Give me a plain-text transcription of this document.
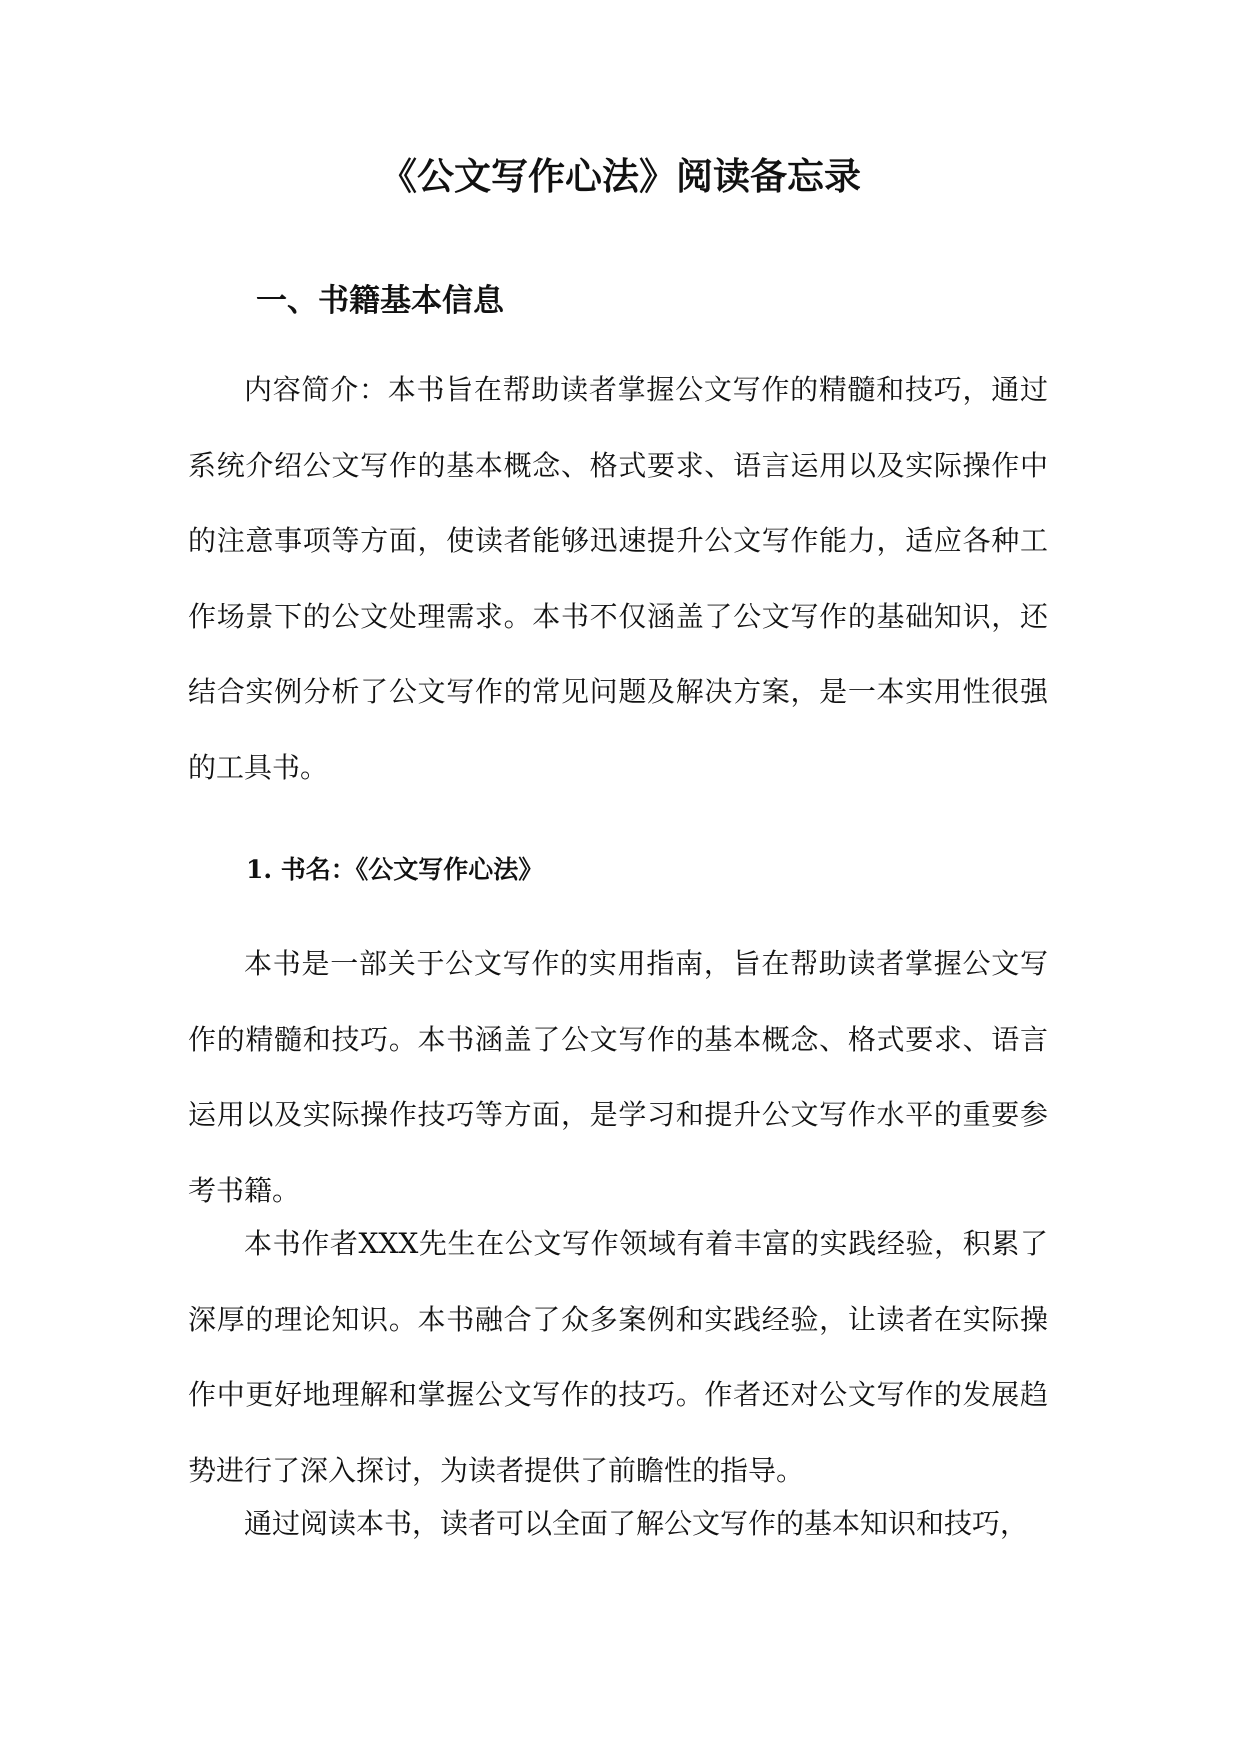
《公文写作心法》阅读备忘录
一、书籍基本信息

内容简介：本书旨在帮助读者掌握公文写作的精髓和技巧，通过系统介绍公文写作的基本概念、格式要求、语言运用以及实际操作中的注意事项等方面，使读者能够迅速提升公文写作能力，适应各种工作场景下的公文处理需求。本书不仅涵盖了公文写作的基础知识，还结合实例分析了公文写作的常见问题及解决方案，是一本实用性很强的工具书。

1. 书名：《公文写作心法》

本书是一部关于公文写作的实用指南，旨在帮助读者掌握公文写作的精髓和技巧。本书涵盖了公文写作的基本概念、格式要求、语言运用以及实际操作技巧等方面，是学习和提升公文写作水平的重要参考书籍。

本书作者XXX先生在公文写作领域有着丰富的实践经验，积累了深厚的理论知识。本书融合了众多案例和实践经验，让读者在实际操作中更好地理解和掌握公文写作的技巧。作者还对公文写作的发展趋势进行了深入探讨，为读者提供了前瞻性的指导。

通过阅读本书，读者可以全面了解公文写作的基本知识和技巧，
